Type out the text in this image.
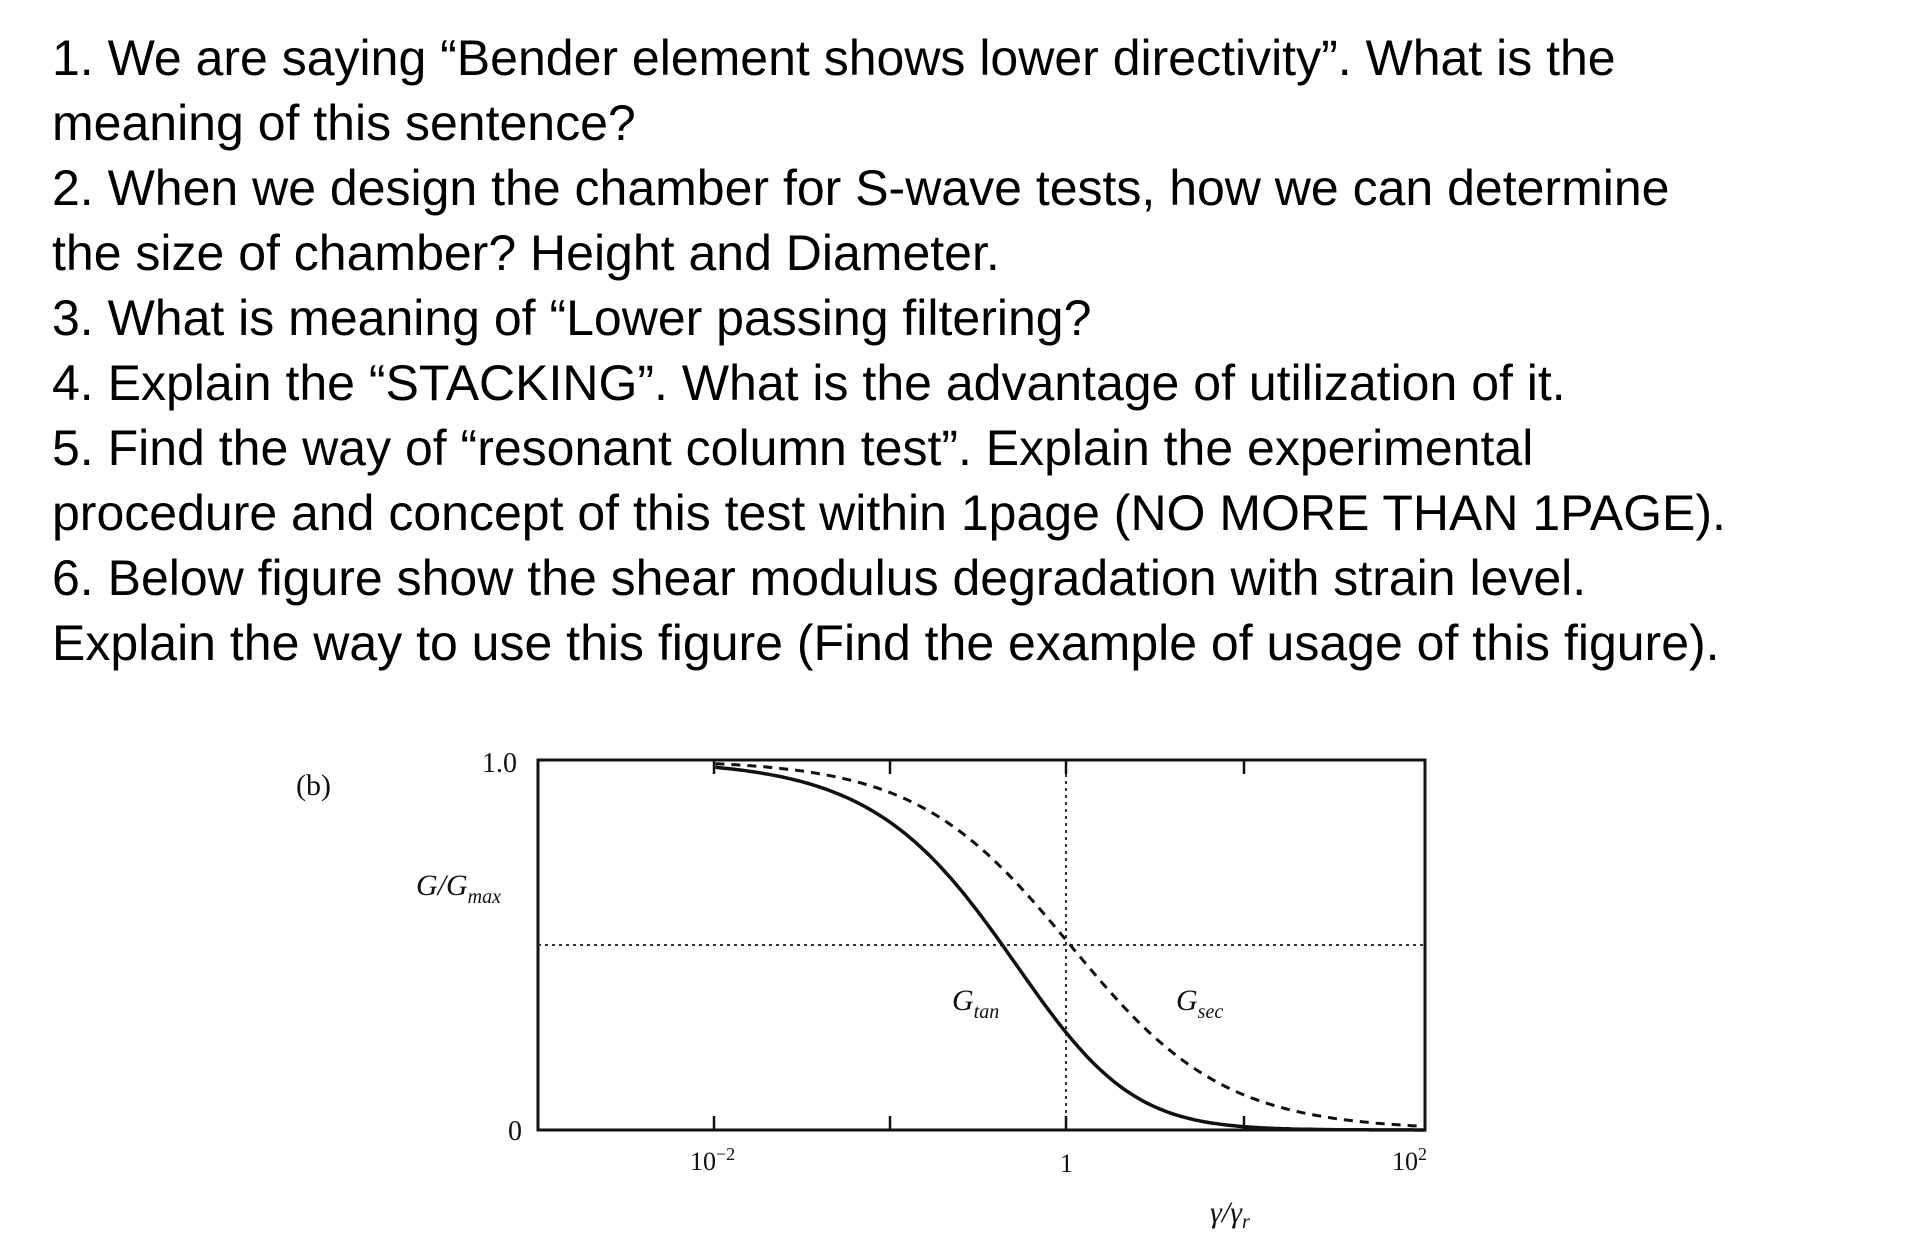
1. We are saying “Bender element shows lower directivity”. What is the
meaning of this sentence?
2. When we design the chamber for S-wave tests, how we can determine
the size of chamber? Height and Diameter.
3. What is meaning of “Lower passing filtering?
4. Explain the “STACKING”. What is the advantage of utilization of it.
5. Find the way of “resonant column test”. Explain the experimental
procedure and concept of this test within 1page (NO MORE THAN 1PAGE).
6. Below figure show the shear modulus degradation with strain level.
Explain the way to use this figure (Find the example of usage of this figure).
(b)
$G/G_{max}$
1.0
0
$G_{tan}$	$G_{sec}$
$10^{-2}$	1	$10^2$
$\gamma/\gamma_r$
